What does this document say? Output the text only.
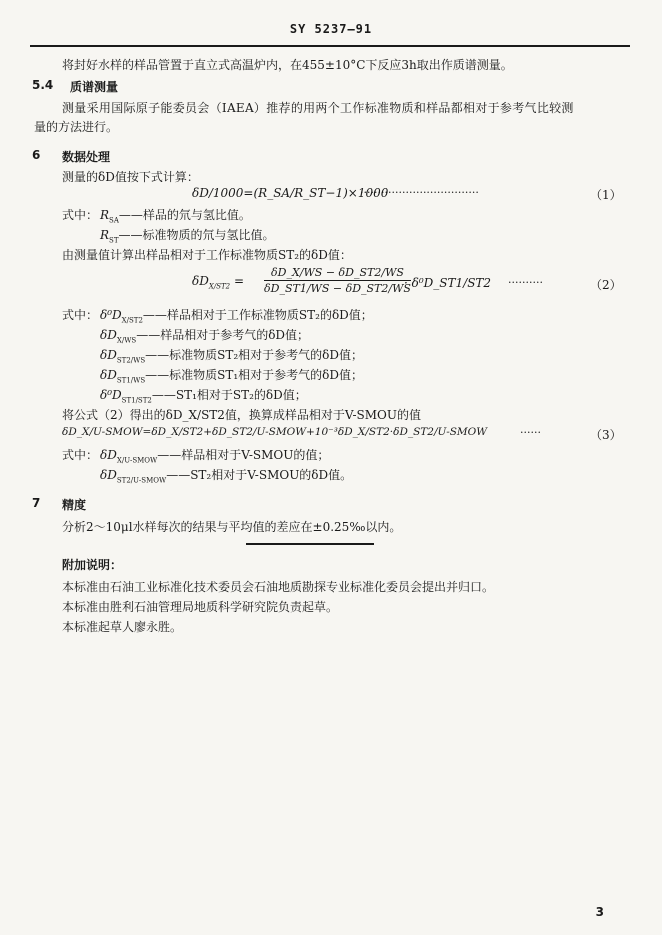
SY 5237—91
将封好水样的样品管置于直立式高温炉内，在455±10°C下反应3h取出作质谱测量。
5.4 质谱测量
测量采用国际原子能委员会（IAEA）推荐的用两个工作标准物质和样品都相对于参考气比较测
量的方法进行。
6 数据处理
测量的δD值按下式计算：
δD/1000=(R_SA/R_ST−1)×1000
··································	（1）
式中： $R_{SA}——$样品的氘与氢比值。
$R_{ST}——$标准物质的氘与氢比值。
由测量值计算出样品相对于工作标准物质ST₂的δD值：
$\delta D_{X/ST2} = \frac{\delta D\_X/WS - \delta D\_ST2/WS}{\delta D\_ST1/WS - \delta D\_ST2/WS}$
· δ⁰D_ST1/ST2 ··········	（2）
式中： $\delta^0D_{X/ST2}——$样品相对于工作标准物质ST₂的δD值；
$\delta D_{X/WS}——$样品相对于参考气的δD值；
$\delta D_{ST2/WS}——$标准物质ST₂相对于参考气的δD值；
$\delta D_{ST1/WS}——$标准物质ST₁相对于参考气的δD值；
$\delta^0D_{ST1/ST2}——ST_1$相对于ST₂的δD值；
将公式（2）得出的δD_X/ST2值，换算成样品相对于V-SMOU的值
δD_X/U-SMOW=δD_X/ST2+δD_ST2/U-SMOW+10⁻³δD_X/ST2·δD_ST2/U-SMOW	······	（3）
式中： $\delta D_{X/U-SMOW}——$样品相对于V-SMOU的值；
$\delta D_{ST2/U-SMOW}——ST_2$相对于V-SMOU的δD值。
7 精度
分析2～10μl水样每次的结果与平均值的差应在±0.25‰以内。
附加说明：
本标准由石油工业标准化技术委员会石油地质勘探专业标准化委员会提出并归口。
本标准由胜利石油管理局地质科学研究院负责起草。
本标准起草人廖永胜。
3
